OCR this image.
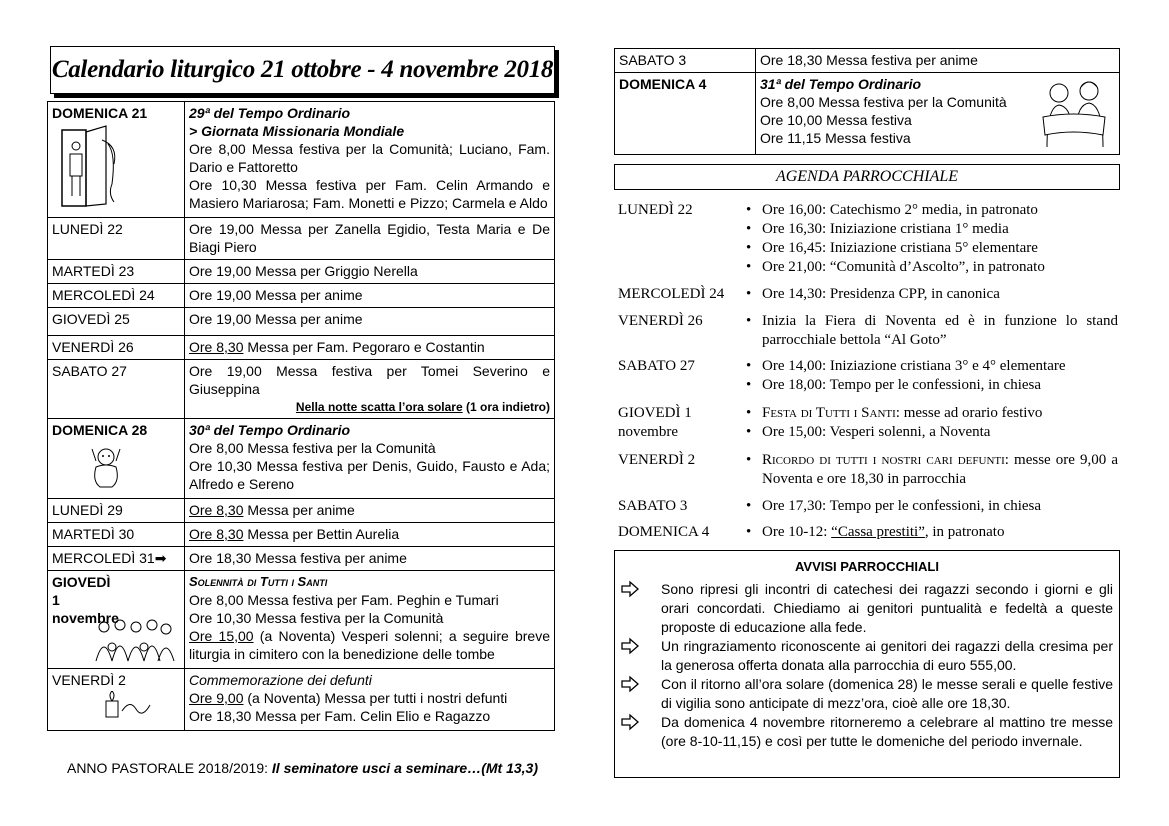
Calendario liturgico 21 ottobre - 4 novembre 2018
DOMENICA 21	29ª del Tempo Ordinario
> Giornata Missionaria Mondiale
Ore 8,00 Messa festiva per la Comunità; Luciano, Fam. Dario e Fattoretto
Ore 10,30 Messa festiva per Fam. Celin Armando e Masiero Mariarosa; Fam. Monetti e Pizzo; Carmela e Aldo

LUNEDÌ 22	Ore 19,00 Messa per Zanella Egidio, Testa Maria e De Biagi Piero
MARTEDÌ 23	Ore 19,00 Messa per Griggio Nerella
MERCOLEDÌ 24	Ore 19,00 Messa per anime
GIOVEDÌ 25	Ore 19,00 Messa per anime
VENERDÌ 26	Ore 8,30 Messa per Fam. Pegoraro e Costantin
SABATO 27	Ore 19,00 Messa festiva per Tomei Severino e Giuseppina
Nella notte scatta l’ora solare (1 ora indietro)

DOMENICA 28	30ª del Tempo Ordinario
Ore 8,00 Messa festiva per la Comunità
Ore 10,30 Messa festiva per Denis, Guido, Fausto e Ada; Alfredo e Sereno

LUNEDÌ 29	Ore 8,30 Messa per anime
MARTEDÌ 30	Ore 8,30 Messa per Bettin Aurelia
MERCOLEDÌ 31➡	Ore 18,30 Messa festiva per anime

GIOVEDÌ 1 novembre	Solennità di Tutti i Santi
Ore 8,00 Messa festiva per Fam. Peghin e Tumari
Ore 10,30 Messa festiva per la Comunità
Ore 15,00 (a Noventa) Vesperi solenni; a seguire breve liturgia in cimitero con la benedizione delle tombe

VENERDÌ 2	Commemorazione dei defunti
Ore 9,00 (a Noventa) Messa per tutti i nostri defunti
Ore 18,30 Messa per Fam. Celin Elio e Ragazzo
ANNO PASTORALE 2018/2019: Il seminatore usci a seminare…(Mt 13,3)
SABATO 3	Ore 18,30 Messa festiva per anime
DOMENICA 4	31ª del Tempo Ordinario
Ore 8,00 Messa festiva per la Comunità
Ore 10,00 Messa festiva
Ore 11,15 Messa festiva
AGENDA PARROCCHIALE
LUNEDÌ 22	• Ore 16,00: Catechismo 2° media, in patronato
• Ore 16,30: Iniziazione cristiana 1° media
• Ore 16,45: Iniziazione cristiana 5° elementare
• Ore 21,00: “Comunità d’Ascolto”, in patronato
MERCOLEDÌ 24	• Ore 14,30: Presidenza CPP, in canonica
VENERDÌ 26	• Inizia la Fiera di Noventa ed è in funzione lo stand parrocchiale bettola “Al Goto”
SABATO 27	• Ore 14,00: Iniziazione cristiana 3° e 4° elementare
• Ore 18,00: Tempo per le confessioni, in chiesa
GIOVEDÌ 1 novembre
• Festa di Tutti i Santi: messe ad orario festivo
• Ore 15,00: Vesperi solenni, a Noventa
VENERDÌ 2	• Ricordo di tutti i nostri cari defunti: messe ore 9,00 a Noventa e ore 18,30 in parrocchia
SABATO 3	• Ore 17,30: Tempo per le confessioni, in chiesa
DOMENICA 4	• Ore 10-12: “Cassa prestiti”, in patronato
AVVISI PARROCCHIALI
Sono ripresi gli incontri di catechesi dei ragazzi secondo i giorni e gli orari concordati. Chiediamo ai genitori puntualità e fedeltà a queste proposte di educazione alla fede.
Un ringraziamento riconoscente ai genitori dei ragazzi della cresima per la generosa offerta donata alla parrocchia di euro 555,00.
Con il ritorno all’ora solare (domenica 28) le messe serali e quelle festive di vigilia sono anticipate di mezz’ora, cioè alle ore 18,30.
Da domenica 4 novembre ritorneremo a celebrare al mattino tre messe (ore 8-10-11,15) e così per tutte le domeniche del periodo invernale.
